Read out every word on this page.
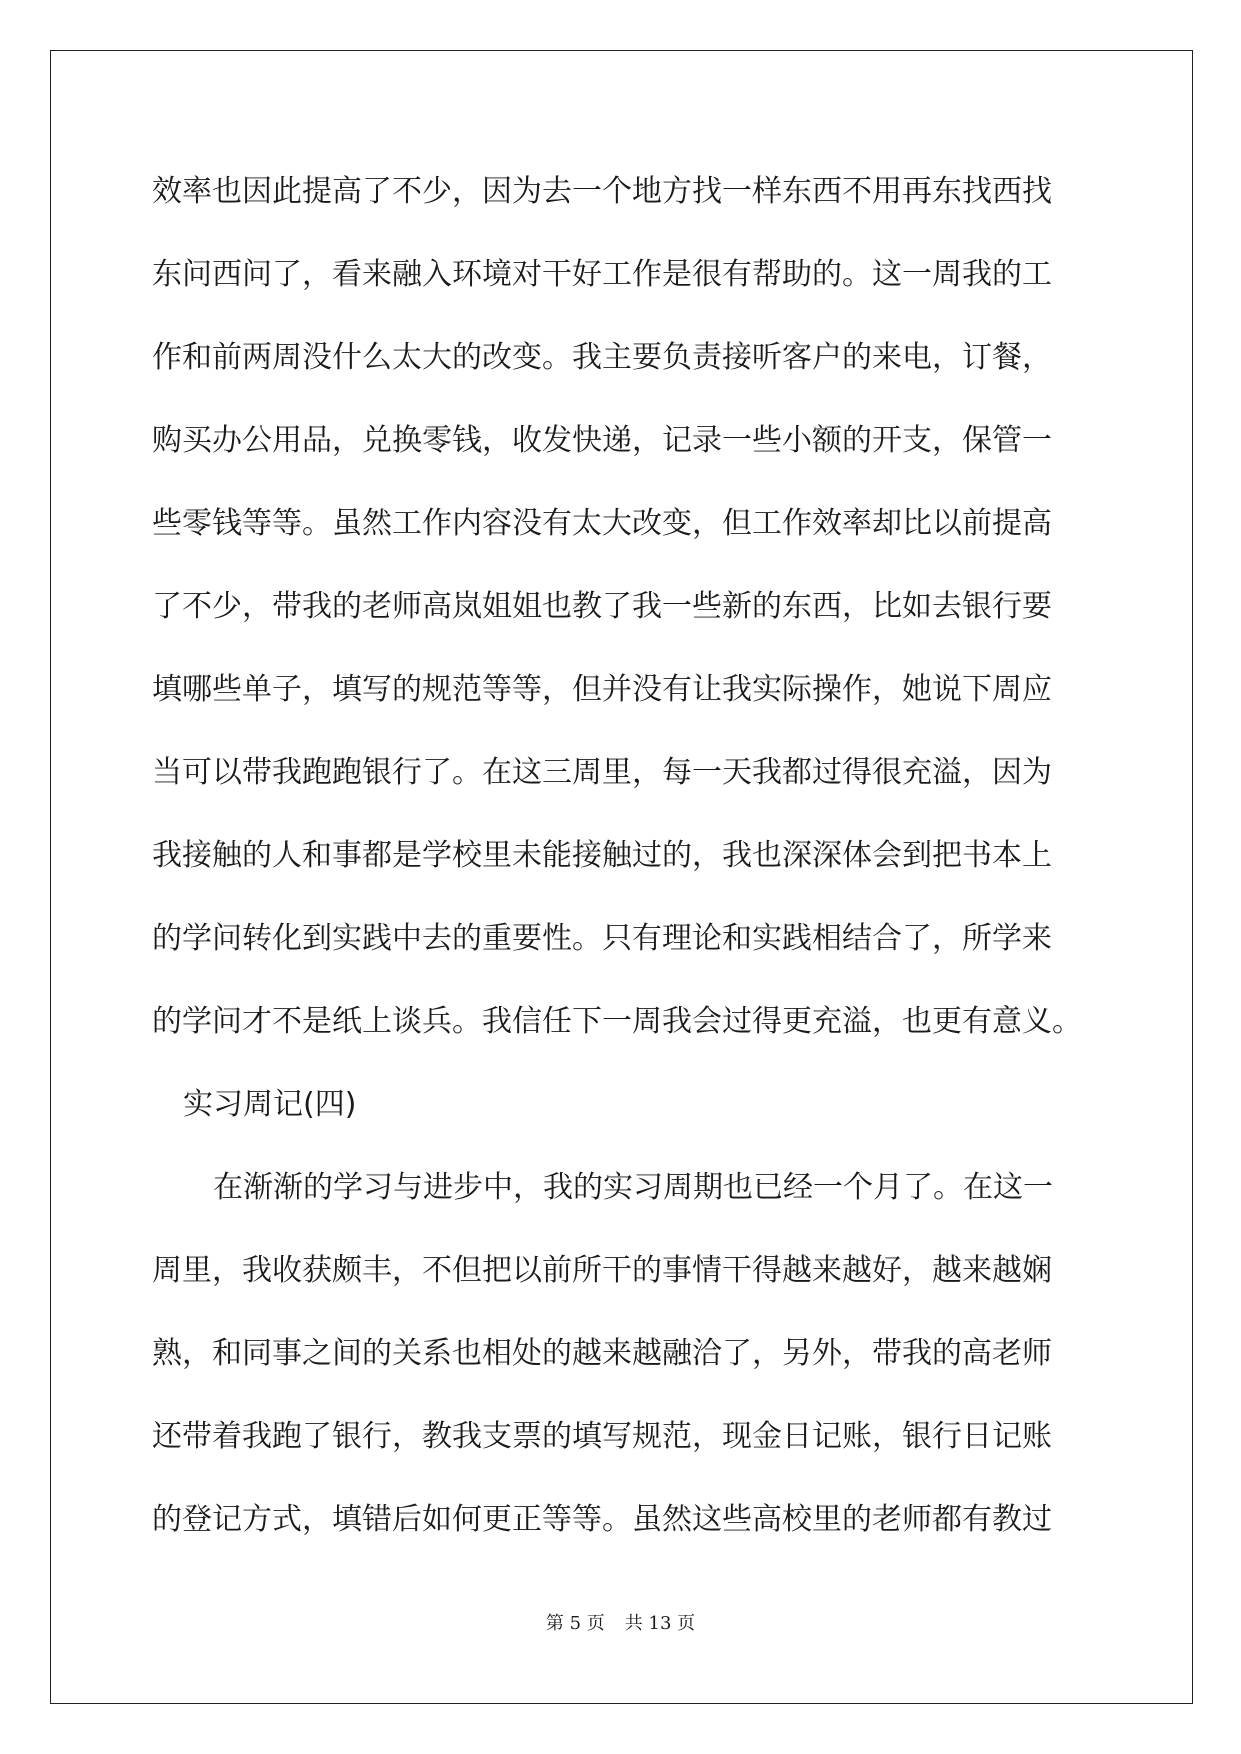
效率也因此提高了不少，因为去一个地方找一样东西不用再东找西找
东问西问了，看来融入环境对干好工作是很有帮助的。这一周我的工
作和前两周没什么太大的改变。我主要负责接听客户的来电，订餐，
购买办公用品，兑换零钱，收发快递，记录一些小额的开支，保管一
些零钱等等。虽然工作内容没有太大改变，但工作效率却比以前提高
了不少，带我的老师高岚姐姐也教了我一些新的东西，比如去银行要
填哪些单子，填写的规范等等，但并没有让我实际操作，她说下周应
当可以带我跑跑银行了。在这三周里，每一天我都过得很充溢，因为
我接触的人和事都是学校里未能接触过的，我也深深体会到把书本上
的学问转化到实践中去的重要性。只有理论和实践相结合了，所学来
的学问才不是纸上谈兵。我信任下一周我会过得更充溢，也更有意义。
实习周记(四)
在渐渐的学习与进步中，我的实习周期也已经一个月了。在这一
周里，我收获颇丰，不但把以前所干的事情干得越来越好，越来越娴
熟，和同事之间的关系也相处的越来越融洽了，另外，带我的高老师
还带着我跑了银行，教我支票的填写规范，现金日记账，银行日记账
的登记方式，填错后如何更正等等。虽然这些高校里的老师都有教过
第 5 页 共 13 页
